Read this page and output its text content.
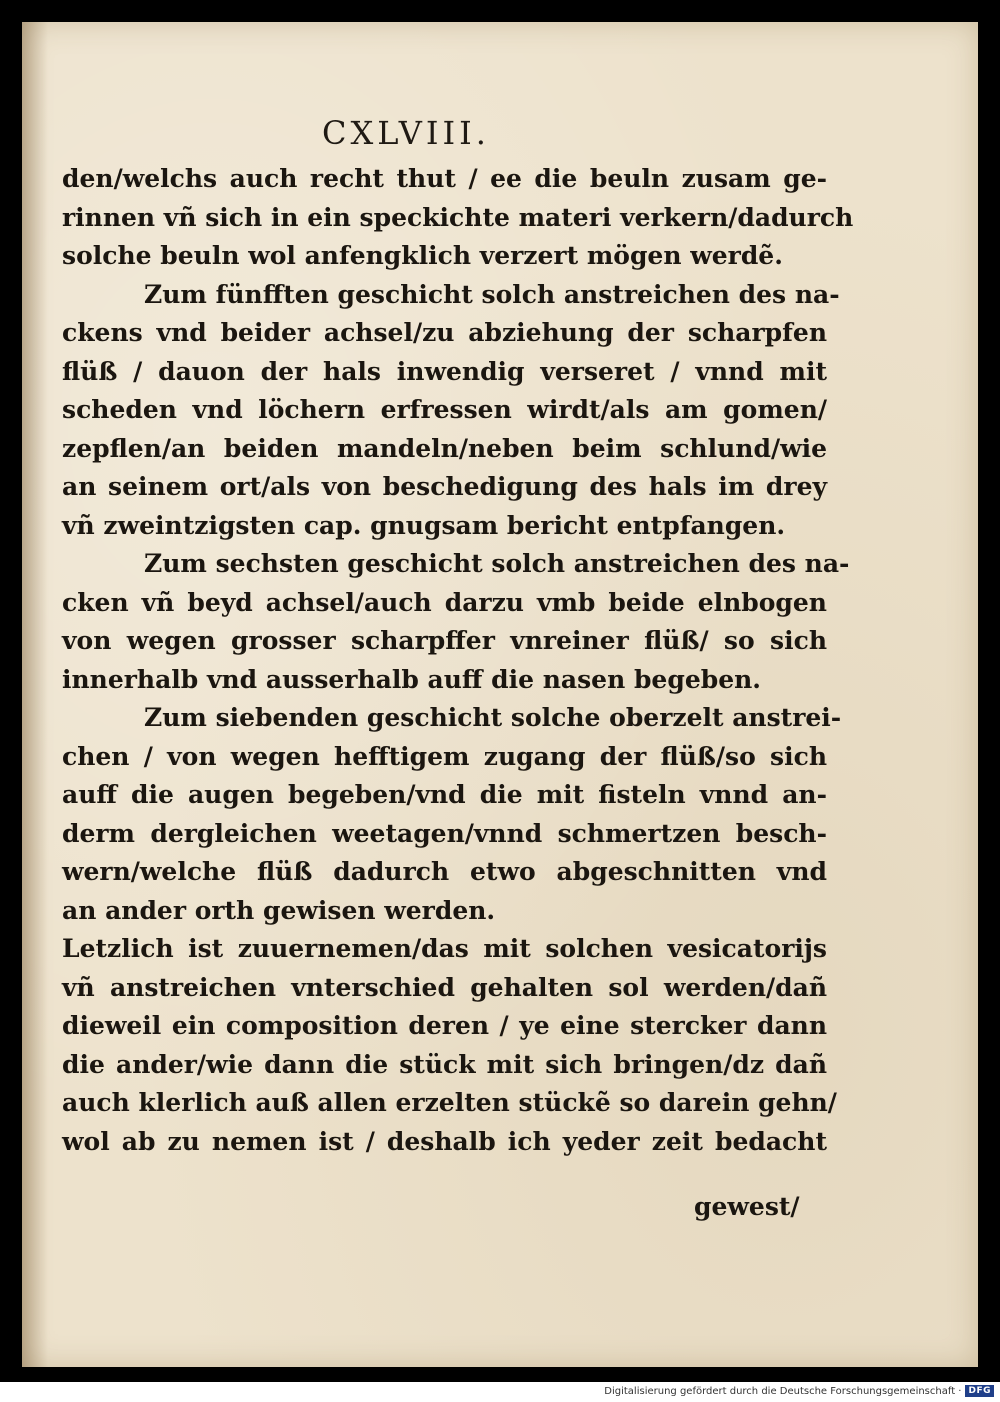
CXLVIII.
den/welchs auch recht thut / ee die beuln zusam ge-
rinnen vñ sich in ein speckichte materi verkern/dadurch
solche beuln wol anfengklich verzert mögen werdẽ.
Zum fünfften geschicht solch anstreichen des na-
ckens vnd beider achsel/zu abziehung der scharpfen
flüß / dauon der hals inwendig verseret / vnnd mit
scheden vnd löchern erfressen wirdt/als am gomen/
zepflen/an beiden mandeln/neben beim schlund/wie
an seinem ort/als von beschedigung des hals im drey
vñ zweintzigsten cap. gnugsam bericht entpfangen.
Zum sechsten geschicht solch anstreichen des na-
cken vñ beyd achsel/auch darzu vmb beide elnbogen
von wegen grosser scharpffer vnreiner flüß/ so sich
innerhalb vnd ausserhalb auff die nasen begeben.
Zum siebenden geschicht solche oberzelt anstrei-
chen / von wegen hefftigem zugang der flüß/so sich
auff die augen begeben/vnd die mit fisteln vnnd an-
derm dergleichen weetagen/vnnd schmertzen besch-
wern/welche flüß dadurch etwo abgeschnitten vnd
an ander orth gewisen werden.
Letzlich ist zuuernemen/das mit solchen vesicatorijs
vñ anstreichen vnterschied gehalten sol werden/dañ
dieweil ein composition deren / ye eine stercker dann
die ander/wie dann die stück mit sich bringen/dz dañ
auch klerlich auß allen erzelten stückẽ so darein gehn/
wol ab zu nemen ist / deshalb ich yeder zeit bedacht
gewest/
Digitalisierung gefördert durch die Deutsche Forschungsgemeinschaft · DFG
